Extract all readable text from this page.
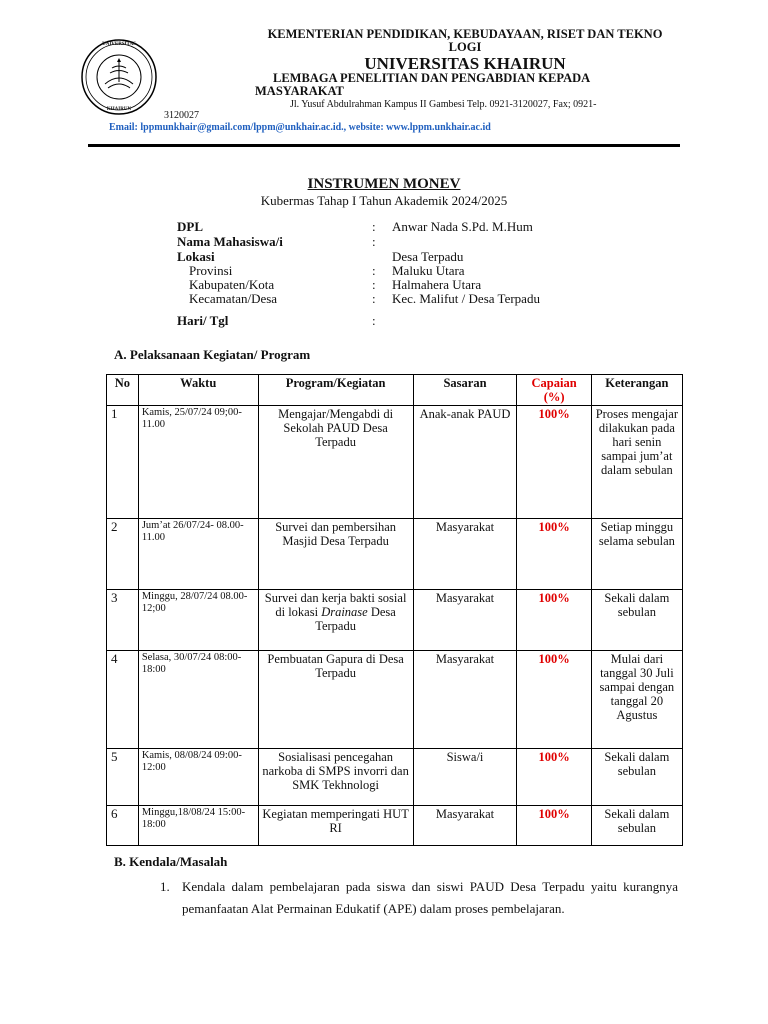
UNIVERSITAS
KHAIRUN
KEMENTERIAN PENDIDIKAN, KEBUDAYAAN, RISET DAN TEKNO LOGI
UNIVERSITAS KHAIRUN
LEMBAGA PENELITIAN DAN PENGABDIAN KEPADA MASYARAKAT
Jl. Yusuf Abdulrahman Kampus II Gambesi Telp. 0921-3120027, Fax; 0921-
3120027
Email: lppmunkhair@gmail.com/lppm@unkhair.ac.id., website: www.lppm.unkhair.ac.id
INSTRUMEN MONEV
Kubermas Tahap I Tahun Akademik 2024/2025
DPL	: Anwar Nada S.Pd. M.Hum
Nama Mahasiswa/i	:
Lokasi	Desa Terpadu
Provinsi	: Maluku Utara
Kabupaten/Kota	: Halmahera Utara
Kecamatan/Desa	: Kec. Malifut / Desa Terpadu
Hari/ Tgl	:
A. Pelaksanaan Kegiatan/ Program
No	Waktu	Program/Kegiatan	Sasaran	Capaian (%)	Keterangan
1	Kamis, 25/07/24 09;00-11.00	Mengajar/Mengabdi di Sekolah PAUD Desa Terpadu	Anak-anak PAUD	100%	Proses mengajar dilakukan pada hari senin sampai jum’at dalam sebulan
2	Jum’at 26/07/24- 08.00-11.00	Survei dan pembersihan Masjid Desa Terpadu	Masyarakat	100%	Setiap minggu selama sebulan
3	Minggu, 28/07/24 08.00-12;00	Survei dan kerja bakti sosial di lokasi Drainase Desa Terpadu	Masyarakat	100%	Sekali dalam sebulan
4	Selasa, 30/07/24 08:00-18:00	Pembuatan Gapura di Desa Terpadu	Masyarakat	100%	Mulai dari tanggal 30 Juli sampai dengan tanggal 20 Agustus
5	Kamis, 08/08/24 09:00-12:00	Sosialisasi pencegahan narkoba di SMPS invorri dan SMK Tekhnologi	Siswa/i	100%	Sekali dalam sebulan
6	Minggu,18/08/24 15:00-18:00	Kegiatan memperingati HUT RI	Masyarakat	100%	Sekali dalam sebulan
B. Kendala/Masalah
1. Kendala dalam pembelajaran pada siswa dan siswi PAUD Desa Terpadu yaitu kurangnya pemanfaatan Alat Permainan Edukatif (APE) dalam proses pembelajaran.
